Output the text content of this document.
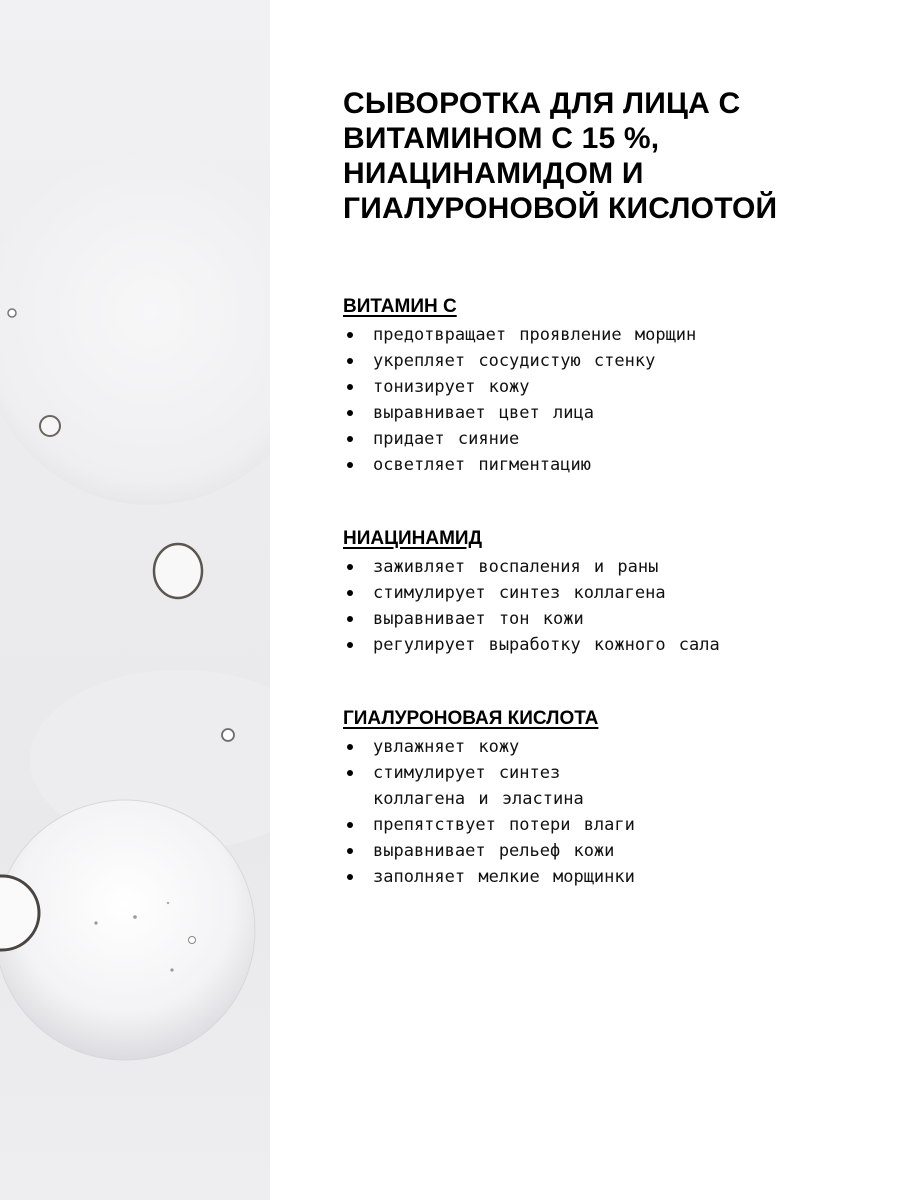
СЫВОРОТКА ДЛЯ ЛИЦА С ВИТАМИНОМ С 15 %, НИАЦИНАМИДОМ И ГИАЛУРОНОВОЙ КИСЛОТОЙ
ВИТАМИН С
предотвращает проявление морщин
укрепляет сосудистую стенку
тонизирует кожу
выравнивает цвет лица
придает сияние
осветляет пигментацию
НИАЦИНАМИД
заживляет воспаления и раны
стимулирует синтез коллагена
выравнивает тон кожи
регулирует выработку кожного сала
ГИАЛУРОНОВАЯ КИСЛОТА
увлажняет кожу
стимулирует синтез коллагена и эластина
препятствует потери влаги
выравнивает рельеф кожи
заполняет мелкие морщинки
